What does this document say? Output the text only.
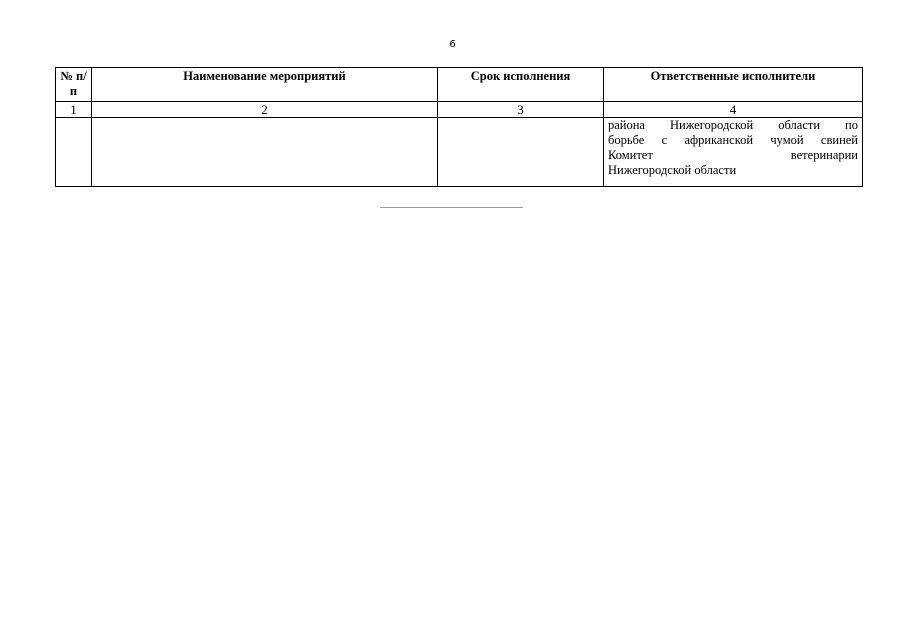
6
№ п/п	Наименование мероприятий	Срок исполнения	Ответственные исполнители
1	2	3	4

			района Нижегородской области по
борьбе с африканской чумой свиней
Комитет ветеринарии
Нижегородской области
